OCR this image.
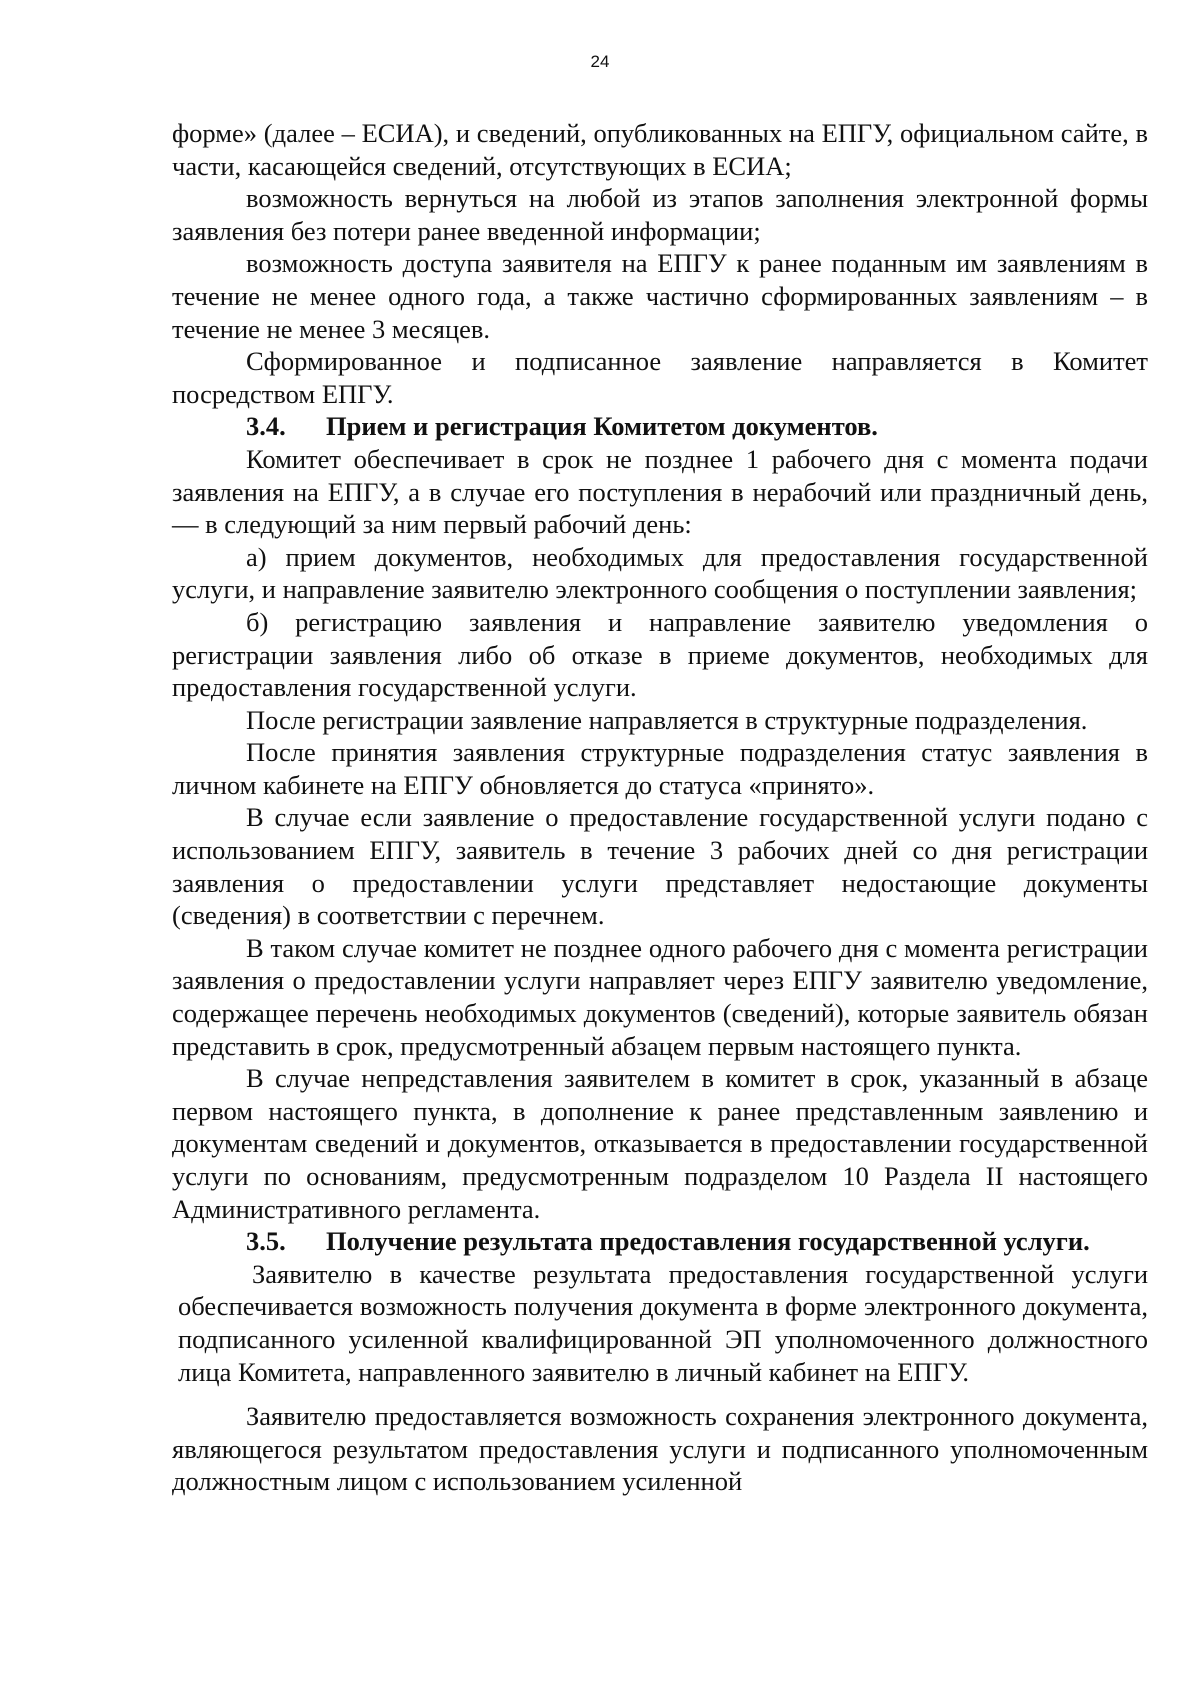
24

форме» (далее – ЕСИА), и сведений, опубликованных на ЕПГУ, официальном сайте, в части, касающейся сведений, отсутствующих в ЕСИА;

возможность вернуться на любой из этапов заполнения электронной формы заявления без потери ранее введенной информации;

возможность доступа заявителя на ЕПГУ к ранее поданным им заявлениям в течение не менее одного года, а также частично сформированных заявлениям – в течение не менее 3 месяцев.

Сформированное и подписанное заявление направляется в Комитет посредством ЕПГУ.

3.4. Прием и регистрация Комитетом документов.

Комитет обеспечивает в срок не позднее 1 рабочего дня с момента подачи заявления на ЕПГУ, а в случае его поступления в нерабочий или праздничный день, — в следующий за ним первый рабочий день:

а) прием документов, необходимых для предоставления государственной услуги, и направление заявителю электронного сообщения о поступлении заявления;

б) регистрацию заявления и направление заявителю уведомления о регистрации заявления либо об отказе в приеме документов, необходимых для предоставления государственной услуги.

После регистрации заявление направляется в структурные подразделения.

После принятия заявления структурные подразделения статус заявления в личном кабинете на ЕПГУ обновляется до статуса «принято».

В случае если заявление о предоставление государственной услуги подано с использованием ЕПГУ, заявитель в течение 3 рабочих дней со дня регистрации заявления о предоставлении услуги представляет недостающие документы (сведения) в соответствии с перечнем.

В таком случае комитет не позднее одного рабочего дня с момента регистрации заявления о предоставлении услуги направляет через ЕПГУ заявителю уведомление, содержащее перечень необходимых документов (сведений), которые заявитель обязан представить в срок, предусмотренный абзацем первым настоящего пункта.

В случае непредставления заявителем в комитет в срок, указанный в абзаце первом настоящего пункта, в дополнение к ранее представленным заявлению и документам сведений и документов, отказывается в предоставлении государственной услуги по основаниям, предусмотренным подразделом 10 Раздела II настоящего Административного регламента.

3.5. Получение результата предоставления государственной услуги.

Заявителю в качестве результата предоставления государственной услуги обеспечивается возможность получения документа в форме электронного документа, подписанного усиленной квалифицированной ЭП уполномоченного должностного лица Комитета, направленного заявителю в личный кабинет на ЕПГУ.

Заявителю предоставляется возможность сохранения электронного документа, являющегося результатом предоставления услуги и подписанного уполномоченным должностным лицом с использованием усиленной
